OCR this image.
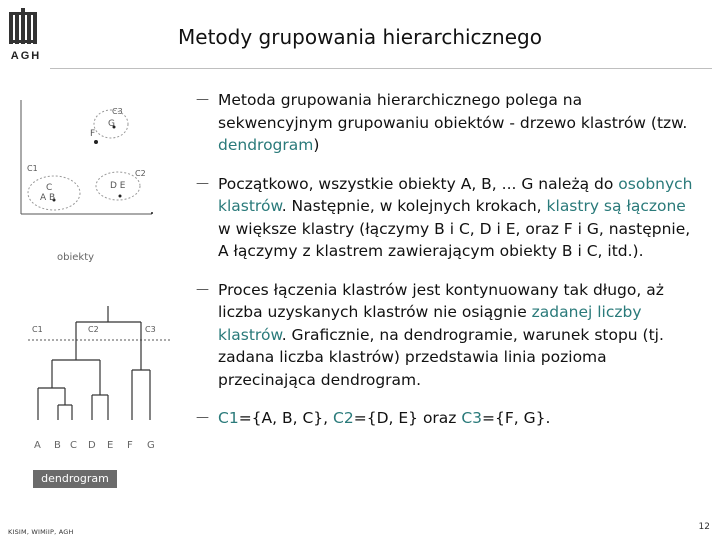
AGH
Metody grupowania hierarchicznego
C3
C1
C2
G
F
D E
C
A B
obiekty
C1	C2	C3
A B C D E F G
dendrogram
— Metoda grupowania hierarchicznego polega na sekwencyjnym grupowaniu obiektów - drzewo klastrów (tzw. dendrogram)
— Początkowo, wszystkie obiekty A, B, ... G należą do osobnych klastrów. Następnie, w kolejnych krokach, klastry są łączone w większe klastry (łączymy B i C, D i E, oraz F i G, następnie, A łączymy z klastrem zawierającym obiekty B i C, itd.).
— Proces łączenia klastrów jest kontynuowany tak długo, aż liczba uzyskanych klastrów nie osiągnie zadanej liczby klastrów. Graficznie, na dendrogramie, warunek stopu (tj. zadana liczba klastrów) przedstawia linia pozioma przecinająca dendrogram.
— C1={A, B, C}, C2={D, E} oraz C3={F, G}.
KISIM, WIMiIP, AGH	12
